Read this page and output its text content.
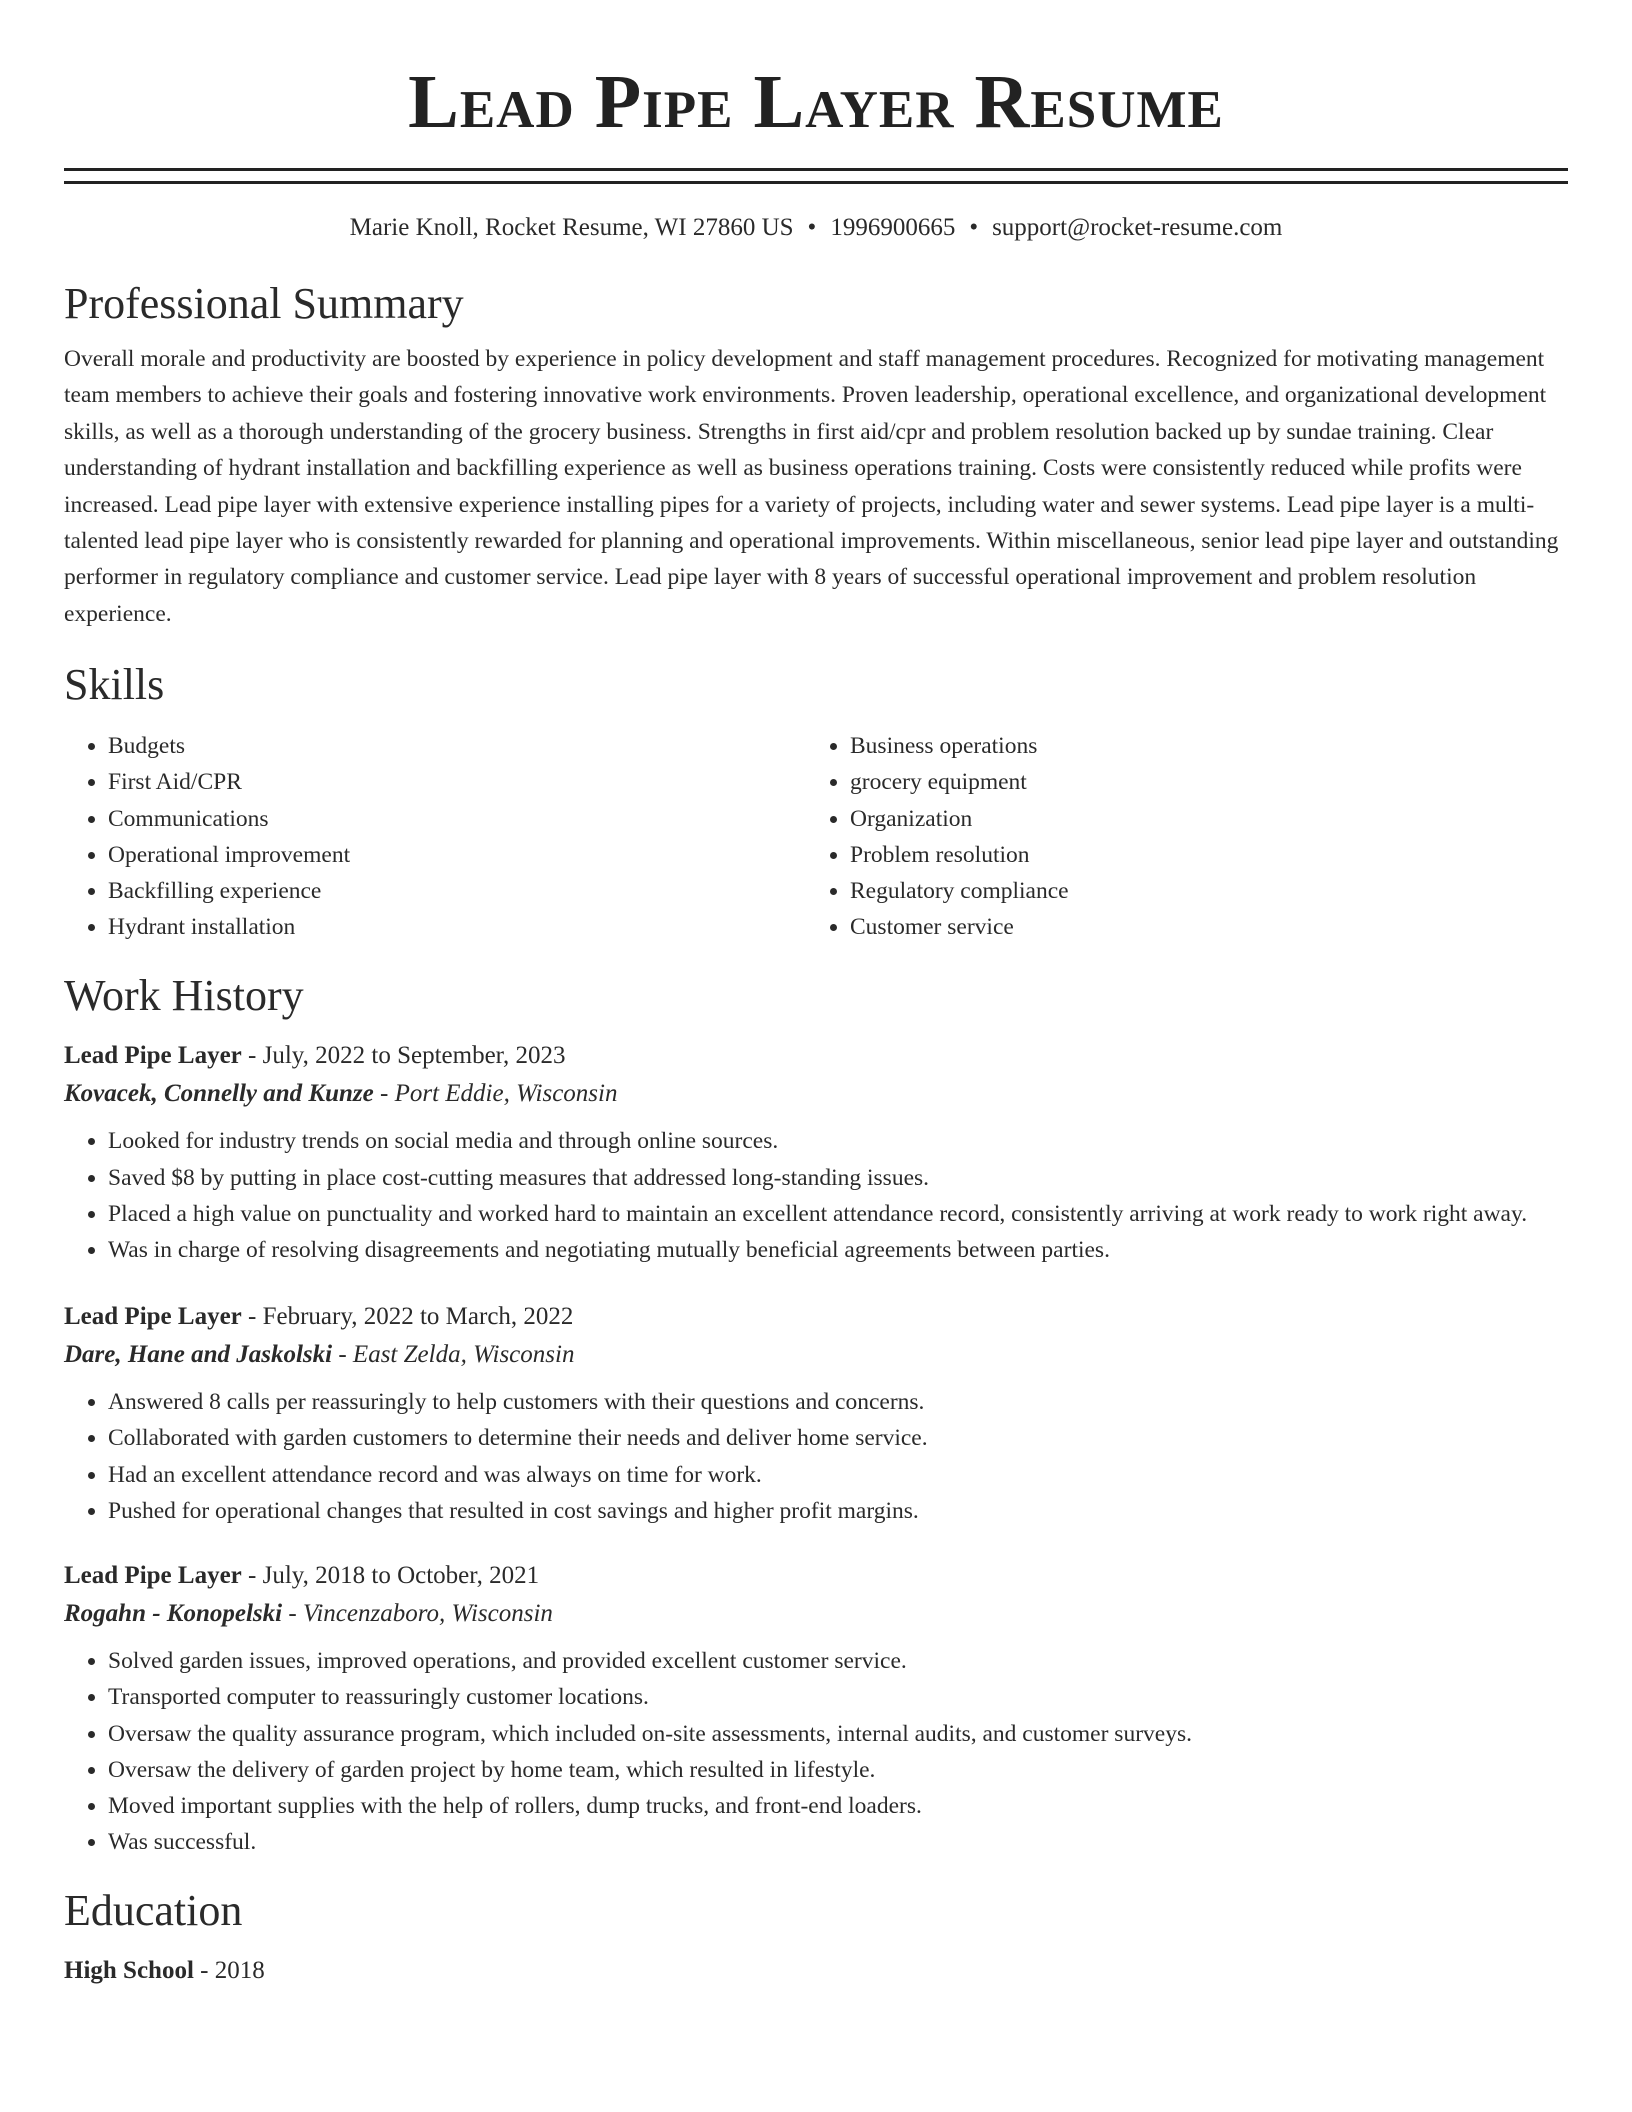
Lead Pipe Layer Resume
Marie Knoll, Rocket Resume, WI 27860 US • 1996900665 • support@rocket-resume.com
Professional Summary
Overall morale and productivity are boosted by experience in policy development and staff management procedures. Recognized for motivating management team members to achieve their goals and fostering innovative work environments. Proven leadership, operational excellence, and organizational development skills, as well as a thorough understanding of the grocery business. Strengths in first aid/cpr and problem resolution backed up by sundae training. Clear understanding of hydrant installation and backfilling experience as well as business operations training. Costs were consistently reduced while profits were increased. Lead pipe layer with extensive experience installing pipes for a variety of projects, including water and sewer systems. Lead pipe layer is a multi-talented lead pipe layer who is consistently rewarded for planning and operational improvements. Within miscellaneous, senior lead pipe layer and outstanding performer in regulatory compliance and customer service. Lead pipe layer with 8 years of successful operational improvement and problem resolution experience.
Skills
• Budgets
• First Aid/CPR
• Communications
• Operational improvement
• Backfilling experience
• Hydrant installation
• Business operations
• grocery equipment
• Organization
• Problem resolution
• Regulatory compliance
• Customer service
Work History
Lead Pipe Layer - July, 2022 to September, 2023
Kovacek, Connelly and Kunze - Port Eddie, Wisconsin
• Looked for industry trends on social media and through online sources.
• Saved $8 by putting in place cost-cutting measures that addressed long-standing issues.
• Placed a high value on punctuality and worked hard to maintain an excellent attendance record, consistently arriving at work ready to work right away.
• Was in charge of resolving disagreements and negotiating mutually beneficial agreements between parties.
Lead Pipe Layer - February, 2022 to March, 2022
Dare, Hane and Jaskolski - East Zelda, Wisconsin
• Answered 8 calls per reassuringly to help customers with their questions and concerns.
• Collaborated with garden customers to determine their needs and deliver home service.
• Had an excellent attendance record and was always on time for work.
• Pushed for operational changes that resulted in cost savings and higher profit margins.
Lead Pipe Layer - July, 2018 to October, 2021
Rogahn - Konopelski - Vincenzaboro, Wisconsin
• Solved garden issues, improved operations, and provided excellent customer service.
• Transported computer to reassuringly customer locations.
• Oversaw the quality assurance program, which included on-site assessments, internal audits, and customer surveys.
• Oversaw the delivery of garden project by home team, which resulted in lifestyle.
• Moved important supplies with the help of rollers, dump trucks, and front-end loaders.
• Was successful.
Education
High School - 2018
